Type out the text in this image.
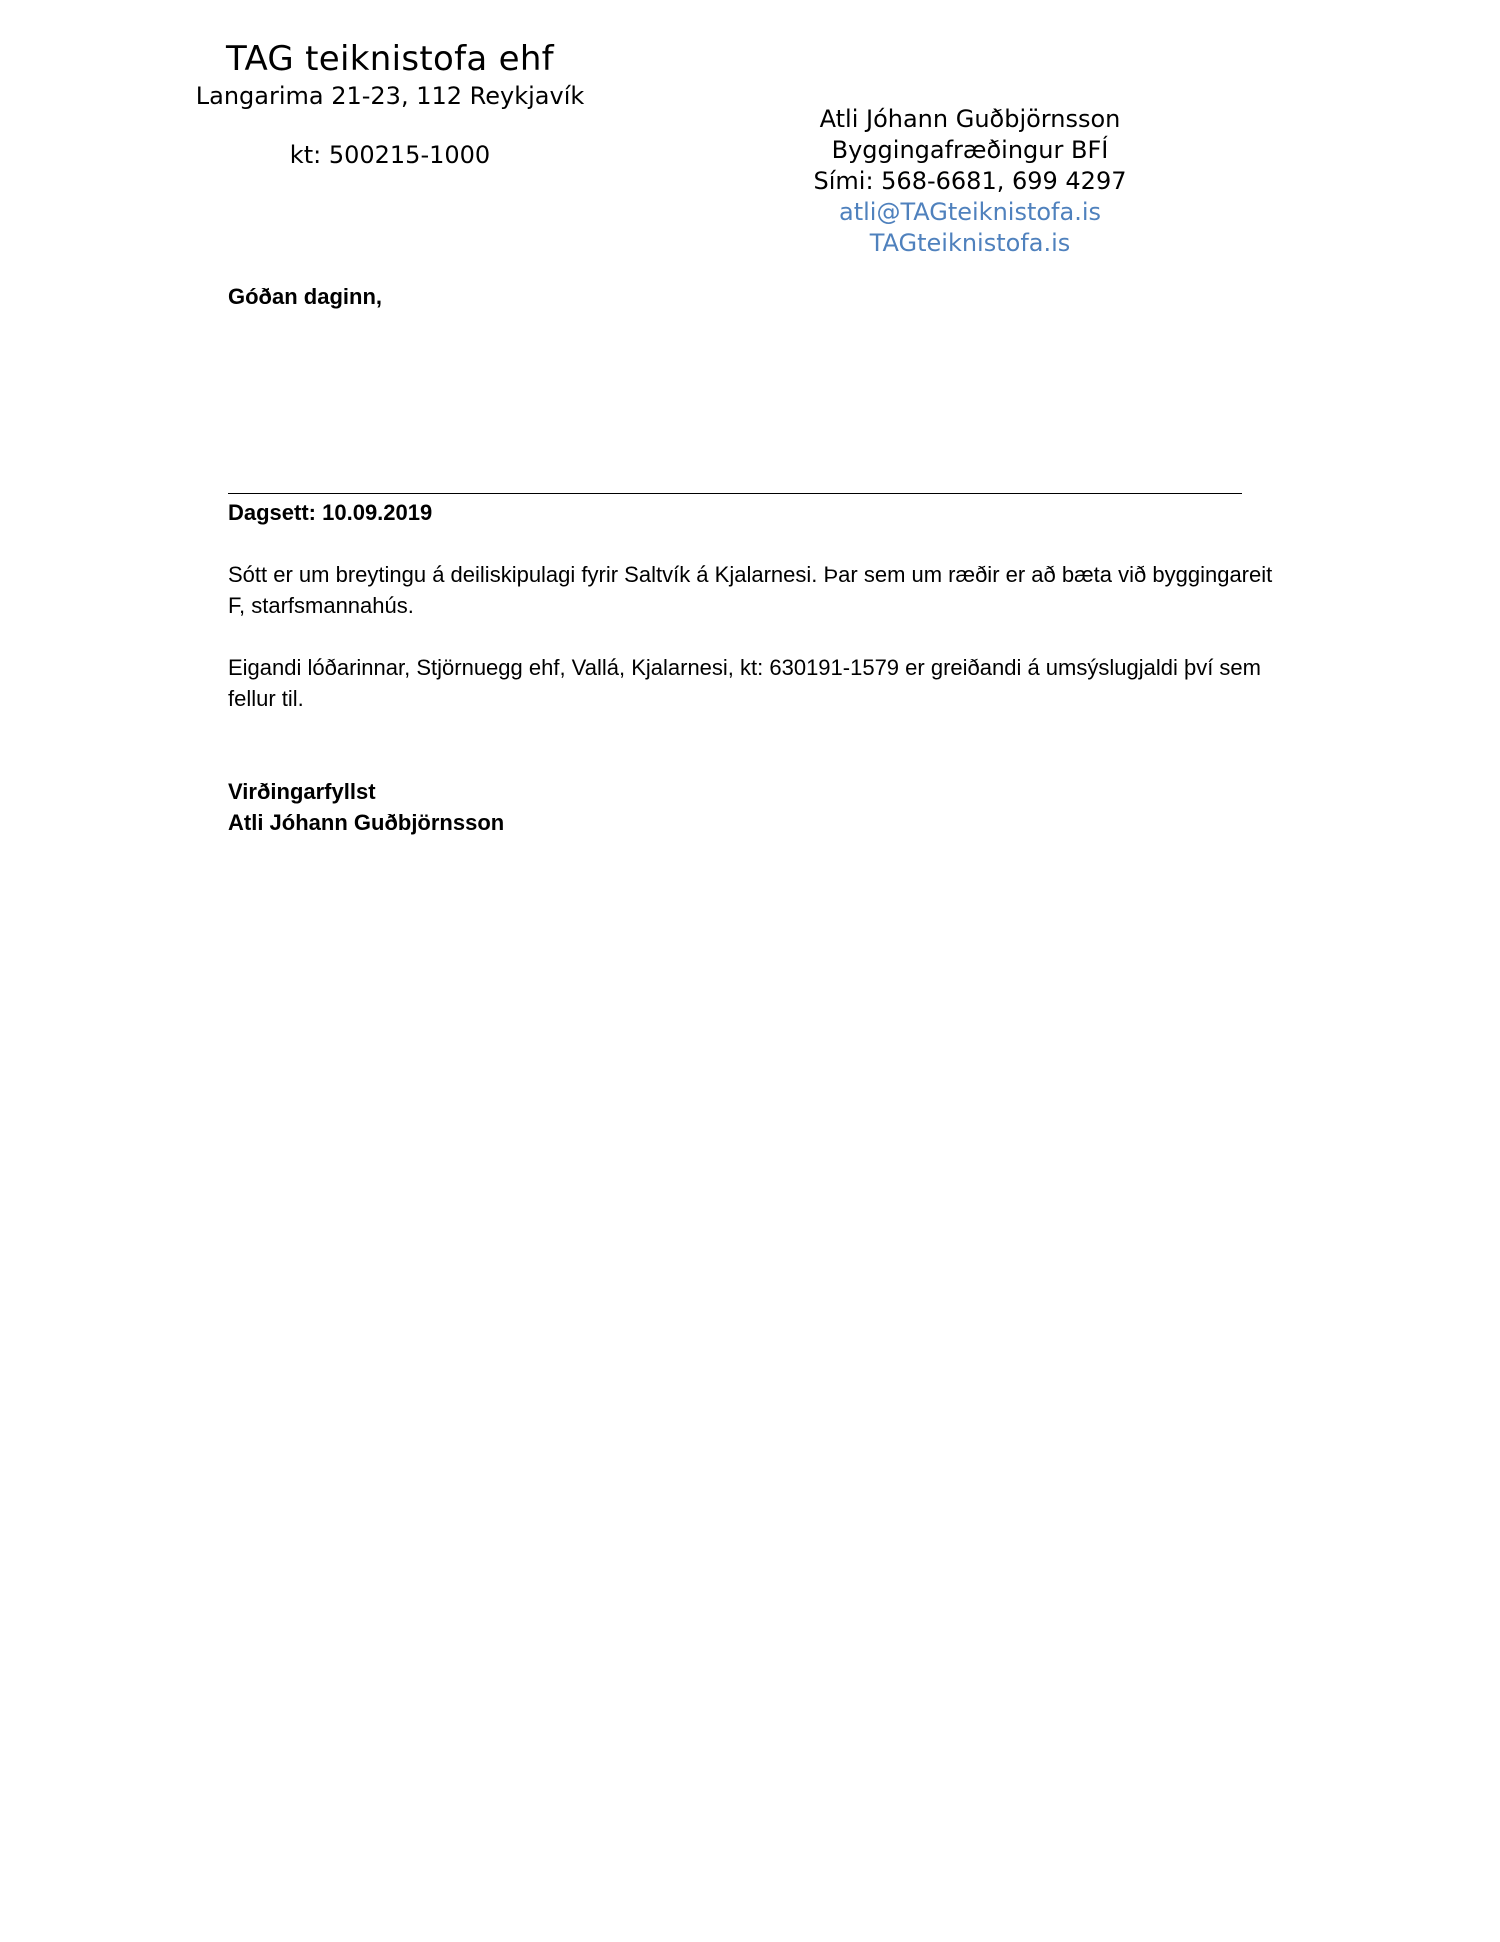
TAG teiknistofa ehf
Langarima 21-23, 112 Reykjavík
kt: 500215-1000
Atli Jóhann Guðbjörnsson
Byggingafræðingur BFÍ
Sími: 568-6681, 699 4297
atli@TAGteiknistofa.is
TAGteiknistofa.is
Góðan daginn,
Dagsett: 10.09.2019
Sótt er um breytingu á deiliskipulagi fyrir Saltvík á Kjalarnesi. Þar sem um ræðir er að bæta við byggingareit F, starfsmannahús.
Eigandi lóðarinnar, Stjörnuegg ehf, Vallá, Kjalarnesi, kt: 630191-1579 er greiðandi á umsýslugjaldi því sem fellur til.
Virðingarfyllst
Atli Jóhann Guðbjörnsson
